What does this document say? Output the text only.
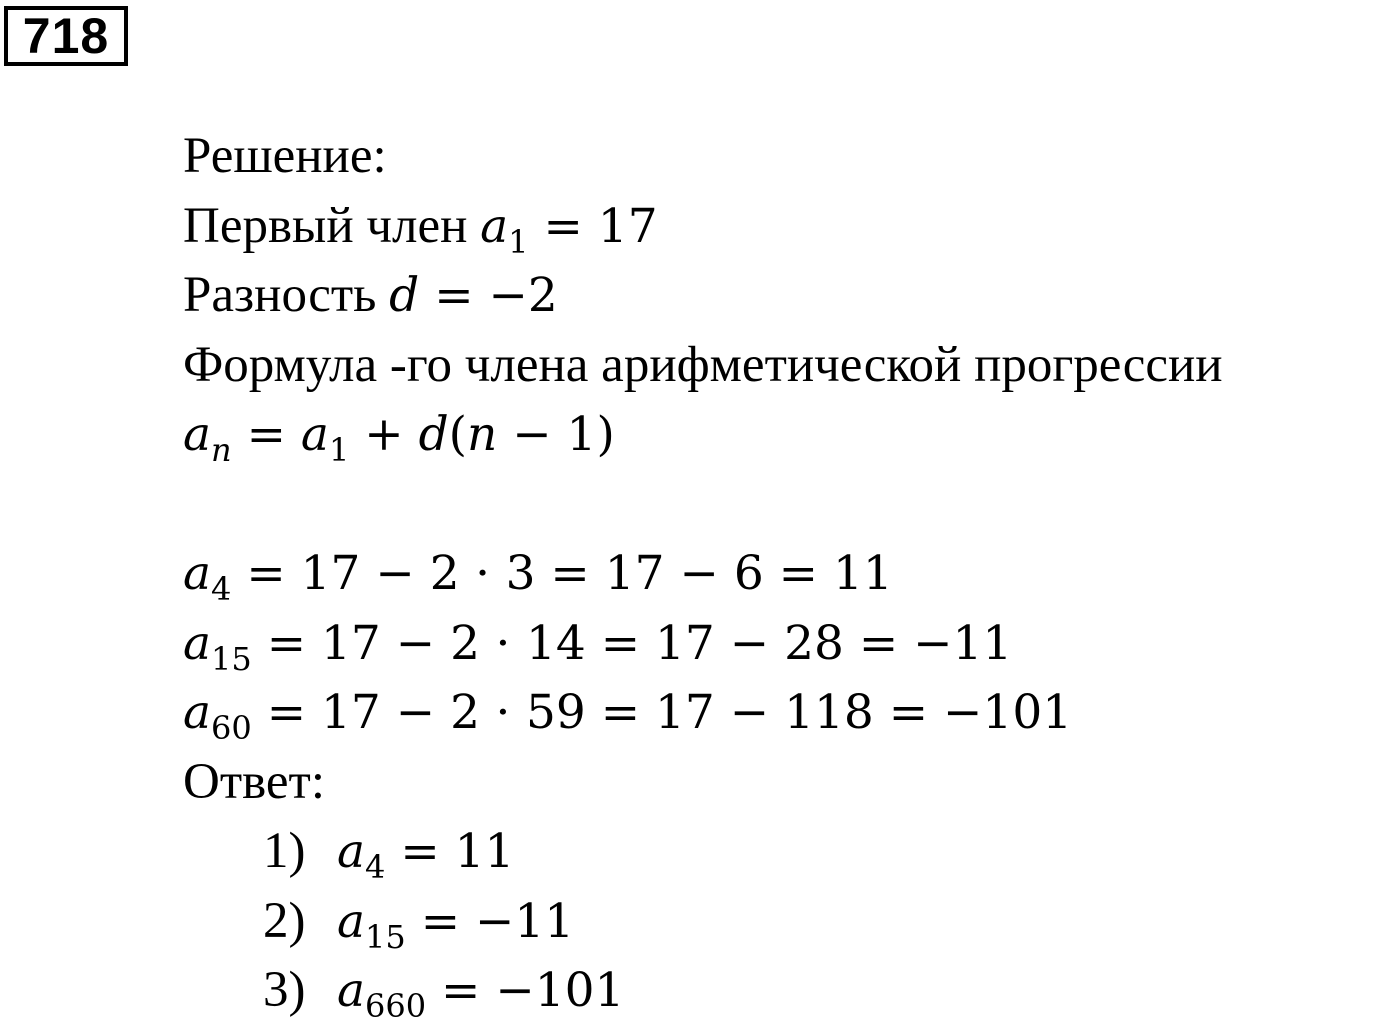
718
Решение:
Первый член $a_1 = 17$
Разность d = −2
Формула -го члена арифметической прогрессии
$a_n = a_1 + d(n - 1)$
$a_4 = 17 - 2 \cdot 3 = 17 - 6 = 11$
$a_{15} = 17 - 2 \cdot 14 = 17 - 28 = -11$
$a_{60} = 17 - 2 \cdot 59 = 17 - 118 = -101$
Ответ:
1) $a_4 = 11$
2) $a_{15} = -11$
3) $a_{660} = -101$
